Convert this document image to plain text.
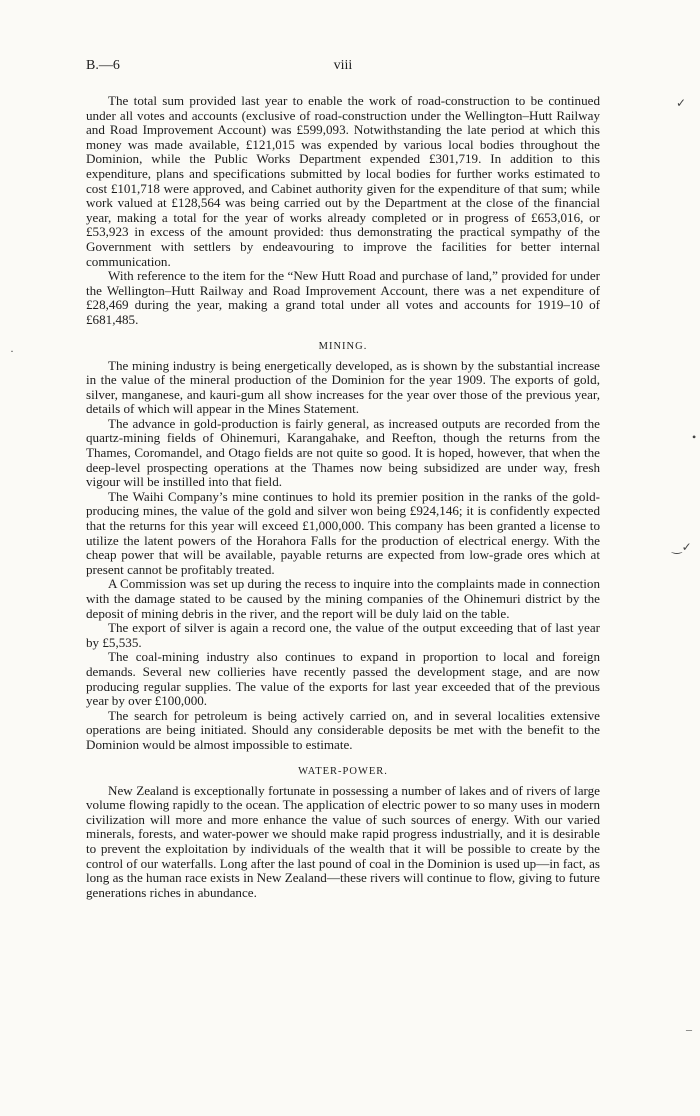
B.—6	viii

The total sum provided last year to enable the work of road-construction to be continued under all votes and accounts (exclusive of road-construction under the Wellington–Hutt Railway and Road Improvement Account) was £599,093. Notwithstanding the late period at which this money was made available, £121,015 was expended by various local bodies throughout the Dominion, while the Public Works Department expended £301,719. In addition to this expenditure, plans and specifications submitted by local bodies for further works estimated to cost £101,718 were approved, and Cabinet authority given for the expenditure of that sum; while work valued at £128,564 was being carried out by the Department at the close of the financial year, making a total for the year of works already completed or in progress of £653,016, or £53,923 in excess of the amount provided: thus demonstrating the practical sympathy of the Government with settlers by endeavouring to improve the facilities for better internal communication.

With reference to the item for the “New Hutt Road and purchase of land,” provided for under the Wellington–Hutt Railway and Road Improvement Account, there was a net expenditure of £28,469 during the year, making a grand total under all votes and accounts for 1919–10 of £681,485.

MINING.

The mining industry is being energetically developed, as is shown by the substantial increase in the value of the mineral production of the Dominion for the year 1909. The exports of gold, silver, manganese, and kauri-gum all show increases for the year over those of the previous year, details of which will appear in the Mines Statement.

The advance in gold-production is fairly general, as increased outputs are recorded from the quartz-mining fields of Ohinemuri, Karangahake, and Reefton, though the returns from the Thames, Coromandel, and Otago fields are not quite so good. It is hoped, however, that when the deep-level prospecting operations at the Thames now being subsidized are under way, fresh vigour will be instilled into that field.

The Waihi Company’s mine continues to hold its premier position in the ranks of the gold-producing mines, the value of the gold and silver won being £924,146; it is confidently expected that the returns for this year will exceed £1,000,000. This company has been granted a license to utilize the latent powers of the Horahora Falls for the production of electrical energy. With the cheap power that will be available, payable returns are expected from low-grade ores which at present cannot be profitably treated.

A Commission was set up during the recess to inquire into the complaints made in connection with the damage stated to be caused by the mining companies of the Ohinemuri district by the deposit of mining debris in the river, and the report will be duly laid on the table.

The export of silver is again a record one, the value of the output exceeding that of last year by £5,535.

The coal-mining industry also continues to expand in proportion to local and foreign demands. Several new collieries have recently passed the development stage, and are now producing regular supplies. The value of the exports for last year exceeded that of the previous year by over £100,000.

The search for petroleum is being actively carried on, and in several localities extensive operations are being initiated. Should any considerable deposits be met with the benefit to the Dominion would be almost impossible to estimate.

WATER-POWER.

New Zealand is exceptionally fortunate in possessing a number of lakes and of rivers of large volume flowing rapidly to the ocean. The application of electric power to so many uses in modern civilization will more and more enhance the value of such sources of energy. With our varied minerals, forests, and water-power we should make rapid progress industrially, and it is desirable to prevent the exploitation by individuals of the wealth that it will be possible to create by the control of our waterfalls. Long after the last pound of coal in the Dominion is used up—in fact, as long as the human race exists in New Zealand—these rivers will continue to flow, giving to future generations riches in abundance.

✓
·
•
‿✓
–
